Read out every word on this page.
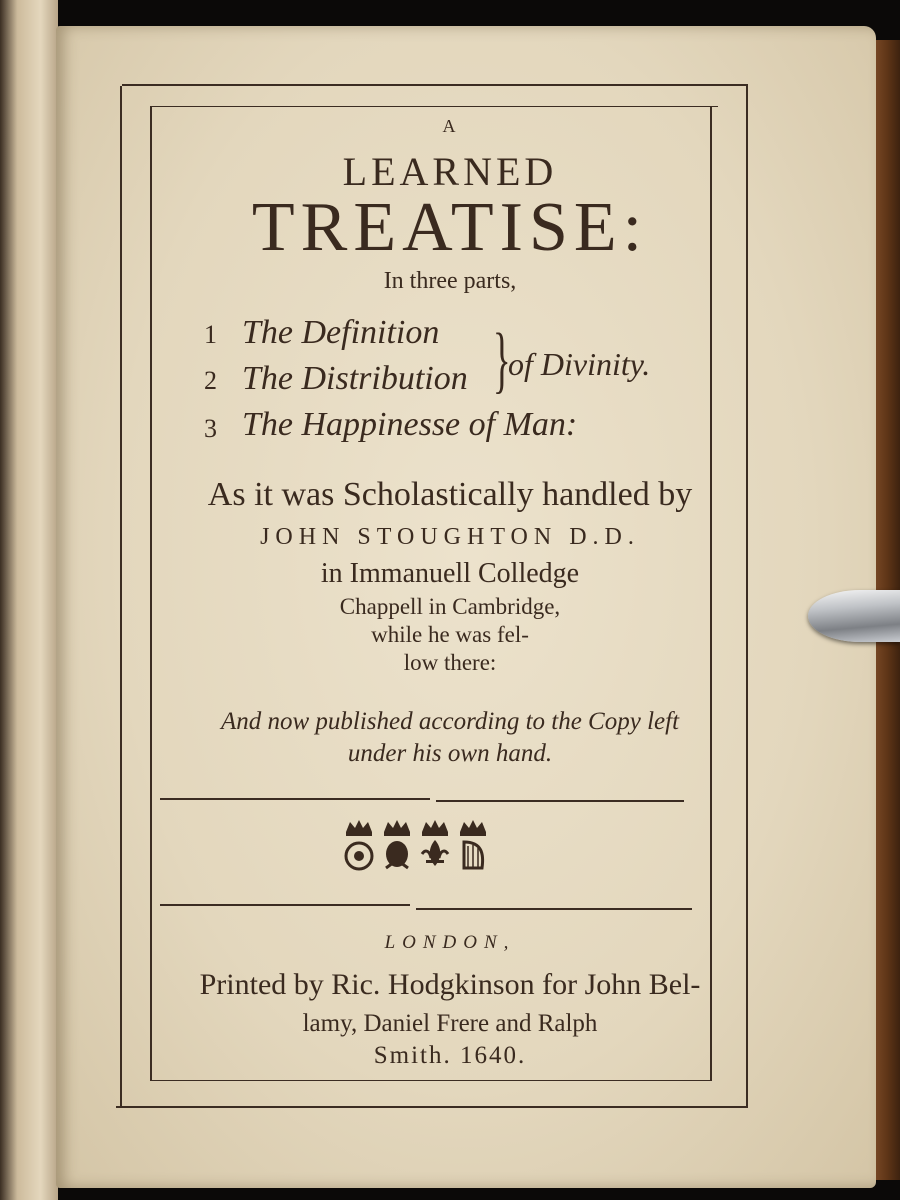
A
LEARNED
TREATISE:
In three parts,
1 The Definition
2 The Distribution
3 The Happinesse of Man:
}
of Divinity.
As it was Scholastically handled by
JOHN STOUGHTON D.D.
in Immanuell Colledge
Chappell in Cambridge,
while he was fel-
low there:
And now published according to the Copy left
under his own hand.
LONDON,
Printed by Ric. Hodgkinson for John Bel-
lamy, Daniel Frere and Ralph
Smith. 1640.
